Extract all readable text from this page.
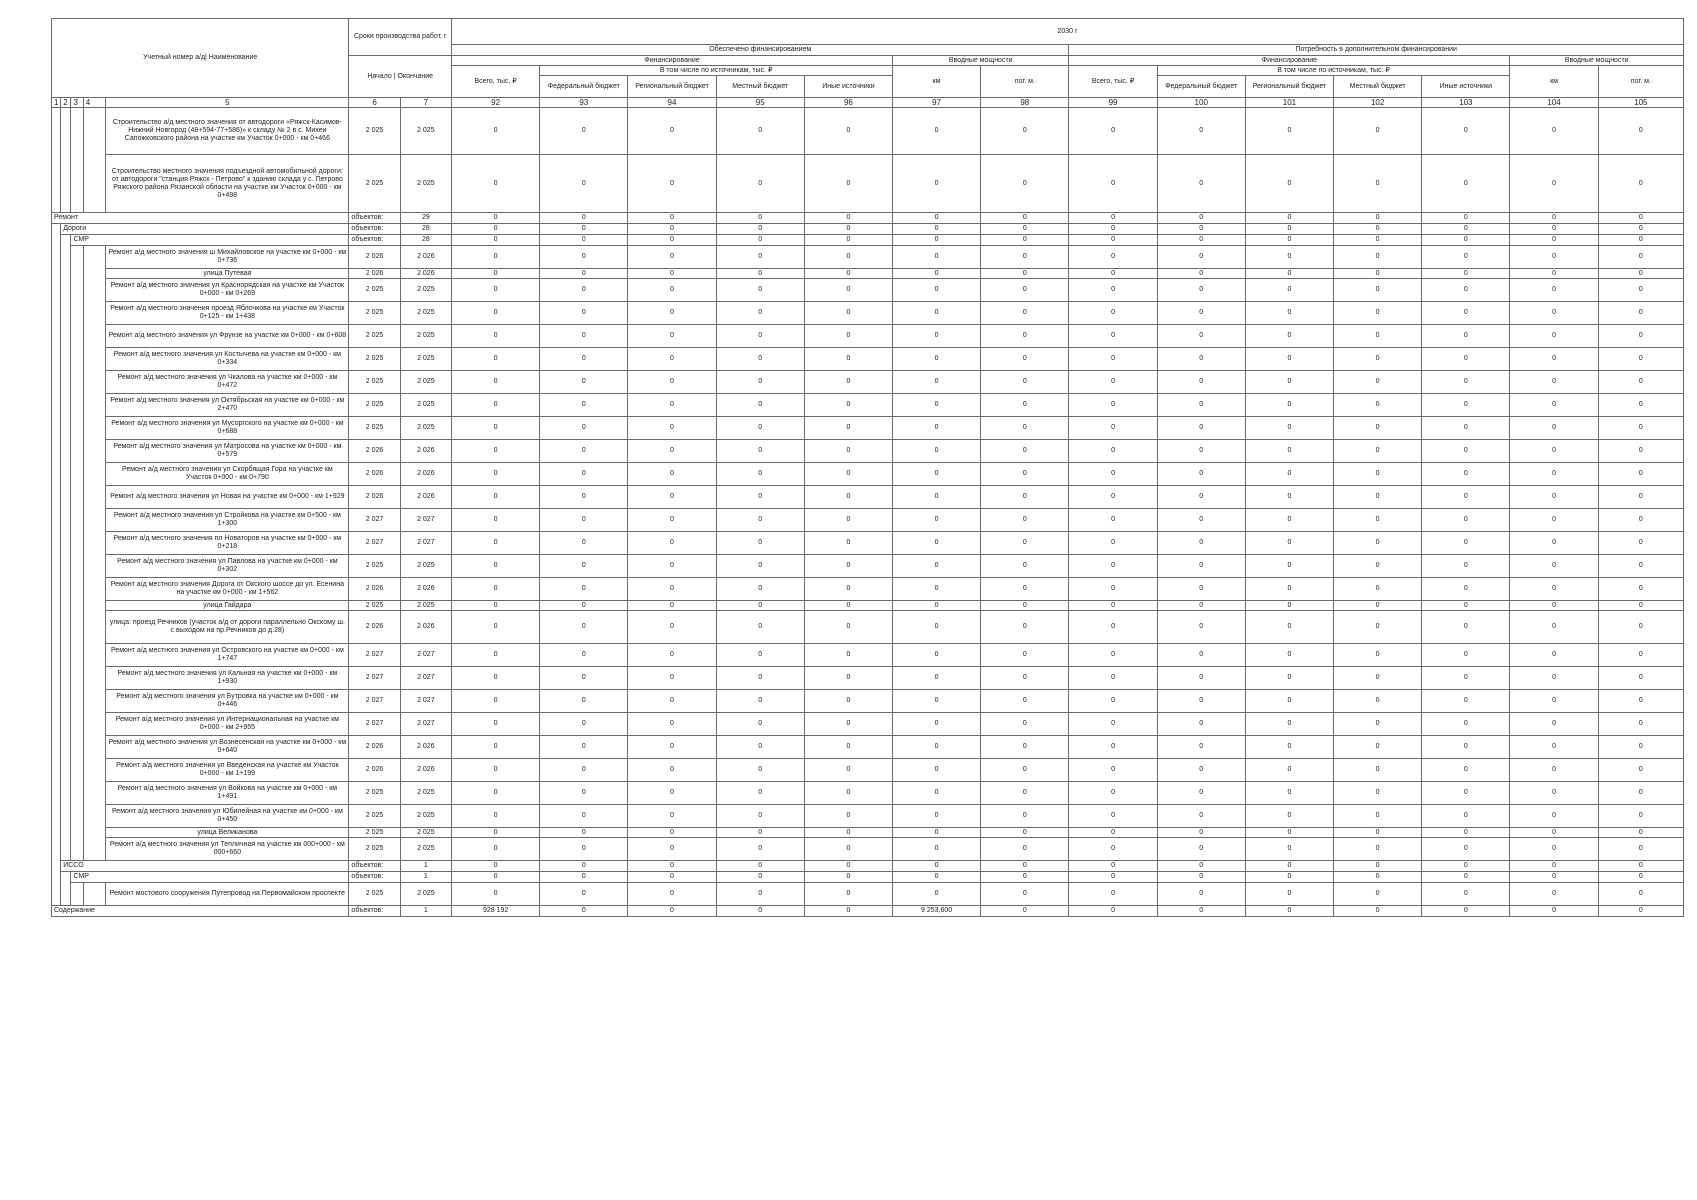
Учетный номер а/д| Наименование					Сроки производства работ, г		2030 г													
							Обеспечено финансированием							Потребность в дополнительном финансировании						
					Начало | Окончание		Финансирование					Вводные мощности		Финансирование					Вводные мощности	
							Всего, тыс. ₽	В том числе по источникам, тыс. ₽				км	пог. м.	Всего, тыс. ₽	В том числе по источникам, тыс. ₽				км	пог. м.
								Федеральный бюджет	Региональный бюджет	Местный бюджет	Иные источники				Федеральный бюджет	Региональный бюджет	Местный бюджет	Иные источники		
1	2	3	4	5	6	7	92	93	94	95	96	97	98	99	100	101	102	103	104	105
				Строительство а/д местного значения от автодороги «Ряжск-Касимов-Нижний Новгород (48+594-77+586)» к складу № 2 в с. Михеи Сапожковского района на участке км Участок 0+000 - км 0+466	2 025	2 025	0	0	0	0	0	0	0	0	0	0	0	0	0	0
				Строительство местного значения подъездной автомобильной дороги: от автодороги "станция Ряжск - Петрово" к зданию склада у с. Петрово Ряжского района Рязанской области на участке км Участок 0+000 - км 0+498	2 025	2 025	0	0	0	0	0	0	0	0	0	0	0	0	0	0
Ремонт					объектов:	29	0	0	0	0	0	0	0	0	0	0	0	0	0	0
	Дороги				объектов:	28	0	0	0	0	0	0	0	0	0	0	0	0	0	0
		СМР			объектов:	28	0	0	0	0	0	0	0	0	0	0	0	0	0	0
				Ремонт а/д местного значения ш Михайловское на участке км 0+000 - км 0+736	2 026	2 026	0	0	0	0	0	0	0	0	0	0	0	0	0	0
				улица Путевая	2 026	2 026	0	0	0	0	0	0	0	0	0	0	0	0	0	0
				Ремонт а/д местного значения ул Краснорядская на участке км Участок 0+000 - км 0+269	2 025	2 025	0	0	0	0	0	0	0	0	0	0	0	0	0	0
				Ремонт а/д местного значения проезд Яблочкова на участке км Участок 0+125 - км 1+438	2 025	2 025	0	0	0	0	0	0	0	0	0	0	0	0	0	0
				Ремонт а/д местного значения ул Фрунзе на участке км 0+000 - км 0+608	2 025	2 025	0	0	0	0	0	0	0	0	0	0	0	0	0	0
				Ремонт а/д местного значения ул Костычева на участке км 0+000 - км 0+334	2 025	2 025	0	0	0	0	0	0	0	0	0	0	0	0	0	0
				Ремонт а/д местного значения ул Чкалова на участке км 0+000 - км 0+472	2 025	2 025	0	0	0	0	0	0	0	0	0	0	0	0	0	0
				Ремонт а/д местного значения ул Октябрьская на участке км 0+000 - км 2+470	2 025	2 025	0	0	0	0	0	0	0	0	0	0	0	0	0	0
				Ремонт а/д местного значения ул Мусоргского на участке км 0+000 - км 0+688	2 025	2 025	0	0	0	0	0	0	0	0	0	0	0	0	0	0
				Ремонт а/д местного значения ул Матросова на участке км 0+000 - км 0+579	2 026	2 026	0	0	0	0	0	0	0	0	0	0	0	0	0	0
				Ремонт а/д местного значения ул Скорбящая Гора на участке км Участок 0+000 - км 0+790	2 026	2 026	0	0	0	0	0	0	0	0	0	0	0	0	0	0
				Ремонт а/д местного значения ул Новая на участке км 0+000 - км 1+929	2 026	2 026	0	0	0	0	0	0	0	0	0	0	0	0	0	0
				Ремонт а/д местного значения ул Стройкова на участке км 0+500 - км 1+300	2 027	2 027	0	0	0	0	0	0	0	0	0	0	0	0	0	0
				Ремонт а/д местного значения пл Новаторов на участке км 0+000 - км 0+218	2 027	2 027	0	0	0	0	0	0	0	0	0	0	0	0	0	0
				Ремонт а/д местного значения ул Павлова на участке км 0+000 - км 0+302	2 025	2 025	0	0	0	0	0	0	0	0	0	0	0	0	0	0
				Ремонт а/д местного значения Дорога от Окского шоссе до ул. Есенина на участке км 0+000 - км 1+562	2 026	2 026	0	0	0	0	0	0	0	0	0	0	0	0	0	0
				улица Гайдара	2 025	2 025	0	0	0	0	0	0	0	0	0	0	0	0	0	0
				улица: проезд Речников (участок а/д от дороги параллельно Окскому ш. с выходом на пр.Речников до д.28)	2 026	2 026	0	0	0	0	0	0	0	0	0	0	0	0	0	0
				Ремонт а/д местного значения ул Островского на участке км 0+000 - км 1+747	2 027	2 027	0	0	0	0	0	0	0	0	0	0	0	0	0	0
				Ремонт а/д местного значения ул Кальная на участке км 0+000 - км 1+930	2 027	2 027	0	0	0	0	0	0	0	0	0	0	0	0	0	0
				Ремонт а/д местного значения ул Бутровка на участке км 0+000 - км 0+446	2 027	2 027	0	0	0	0	0	0	0	0	0	0	0	0	0	0
				Ремонт а/д местного значения ул Интернациональная на участке км 0+000 - км 2+955	2 027	2 027	0	0	0	0	0	0	0	0	0	0	0	0	0	0
				Ремонт а/д местного значения ул Вознесенская на участке км 0+000 - км 0+640	2 026	2 026	0	0	0	0	0	0	0	0	0	0	0	0	0	0
				Ремонт а/д местного значения ул Введенская на участке км Участок 0+000 - км 1+199	2 026	2 026	0	0	0	0	0	0	0	0	0	0	0	0	0	0
				Ремонт а/д местного значения ул Войкова на участке км 0+000 - км 1+491	2 025	2 025	0	0	0	0	0	0	0	0	0	0	0	0	0	0
				Ремонт а/д местного значения ул Юбилейная на участке км 0+000 - км 0+450	2 025	2 025	0	0	0	0	0	0	0	0	0	0	0	0	0	0
				улица Великанова	2 025	2 025	0	0	0	0	0	0	0	0	0	0	0	0	0	0
				Ремонт а/д местного значения ул Тепличная на участке км 000+000 - км 000+660	2 025	2 025	0	0	0	0	0	0	0	0	0	0	0	0	0	0
	ИССО				объектов:	1	0	0	0	0	0	0	0	0	0	0	0	0	0	0
		СМР			объектов:	1	0	0	0	0	0	0	0	0	0	0	0	0	0	0
				Ремонт мостового сооружения Путепровод на Первомайском проспекте	2 025	2 025	0	0	0	0	0	0	0	0	0	0	0	0	0	0
Содержание					объектов:	1	928 192	0	0	0	0	9 253,600	0	0	0	0	0	0	0	0
